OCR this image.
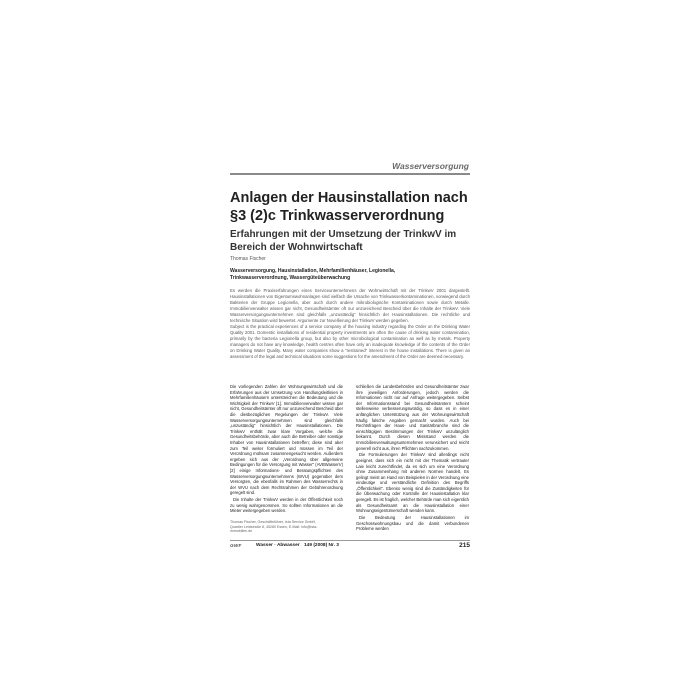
Wasserversorgung
Anlagen der Hausinstallation nach §3 (2)c Trinkwasserverordnung
Erfahrungen mit der Umsetzung der TrinkwV im Bereich der Wohnwirtschaft
Thomas Fischer
Wasserversorgung, Hausinstallation, Mehrfamilienhäuser, Legionella, Trinkwasserverordnung, Wassergüteüberwachung
Es werden die Praxiserfahrungen eines Serviceunternehmens der Wohnwirtschaft mit der TrinkwV 2001 dargestellt. Hausinstallationen von Eigentumswohnanlagen sind vielfach die Ursache von Trinkwasserkontaminationen, vorwiegend durch Bakterien der Gruppe Legionella, aber auch durch andere mikrobiologische Kontaminationen sowie durch Metalle. Immobilienverwalter wissen gar nicht, Gesundheitsämter oft nur unzureichend Bescheid über die Inhalte der TrinkwV. Viele Wasserversorgungsunternehmen sind gleichfalls „unzuständig“ hinsichtlich der Hausinstallationen. Die rechtliche und technische Situation wird bewertet. Argumente zur Novellierung der TrinkwV werden gegeben.
Subject is the practical experiences of a service company of the housing industry regarding the Order on the Drinking Water Quality 2001. Domestic installations of residential property investments are often the cause of drinking water contamination, primarily by the bacteria Legionella group, but also by other microbiological contamination as well as by metals. Property managers do not have any knowledge, health centres often have only an inadequate knowledge of the contents of the Order on Drinking Water Quality. Many water companies show a “restrained” interest in the house installations. There is given an assessment of the legal and technical situations some suggestions for the amendment of the Order are deemed necessary.

Die vorliegenden Zahlen der Wohnungswirtschaft und die Erfahrungen aus der Umsetzung von Handlungsleitlinien in Mehrfamilienhäusern unterstreichen die Bedeutung und die Wichtigkeit der TrinkwV [1]. Immobilienverwalter wissen gar nicht, Gesundheitsämter oft nur unzureichend Bescheid über die diesbezüglichen Regelungen der TrinkwV. Viele Wasserversorgungsunternehmen sind gleichfalls „unzuständig“ hinsichtlich der Hausinstallationen. Die TrinkwV enthält zwar klare Vorgaben, welche die Gesundheitsbehörde, aber auch die Betreiber oder sonstige Inhaber von Hausinstallationen betreffen; diese sind aber zum Teil weiter formuliert und müssen im Teil der Verordnung mühsam zusammengesucht werden. Außerdem ergeben sich aus der „Verordnung über allgemeine Bedingungen für die Versorgung mit Wasser“ (AVBWasserV) [2] einige Informations- und Beratungspflichten des Wasserversorgungsunternehmens (WVU) gegenüber dem Versorgten, die ebenfalls im Rahmen des Wasserrechts in der WVU nach dem Rechtsrahmen der Gebührenordnung geregelt sind.

Die Inhalte der TrinkwV werden in der Öffentlichkeit noch zu wenig wahrgenommen. So sollten Informationen an die Mieter weitergegeben werden.

Thomas Fischer, Geschäftsführer, Ista Service GmbH, Quartier Leidstraße 8, 45280 Essen, E-Mail: info@ista-immobilien.de

schließen die Landesbehörden und Gesundheitsämter zwar ihre jeweiligen Anforderungen, jedoch werden die Informationen nicht nur auf Anfrage weitergegeben. Selbst der Informationsstand bei Gesundheitsämtern scheint stellenweise verbesserungswürdig, so dass es in einer anfänglichen Unterstützung aus der Wohnungswirtschaft häufig falsche Angaben gemacht wurden. Auch bei Rechtsfragen der Haus- und Sanitärbranche sind die einschlägigen Bestimmungen der TrinkwV unzulänglich bekannt. Durch diesen Missstand werden die Immobilienverwaltungsunternehmen verunsichert und reicht generell nicht aus, ihren Pflichten nachzukommen.

Die Formulierungen der TrinkwV sind allerdings nicht geeignet, dass sich ein nicht mit der Thematik vertrauter Laie leicht zurechtfindet, da es sich um eine Verordnung ohne Zusammenhang mit anderen Normen handelt. Es gelingt meist an Hand von Beispielen in der Verordnung eine eindeutige und verständliche Definition des Begriffs „Öffentlichkeit“. Ebenso wenig sind die Zuständigkeiten für die Überwachung oder Kontrolle der Hausinstallation klar geregelt. Es ist fraglich, welcher Behörde man sich eigentlich als Gesundheitsamt an die Hausinstallation einer Wohnungseigentümerschaft wenden kann.

Die Bedeutung der Hausinstallationen im Geschosswohnungsbau und die damit verbundenen Probleme werden

GWF	Wasser · Abwasser 149 (2008) Nr. 3	215
